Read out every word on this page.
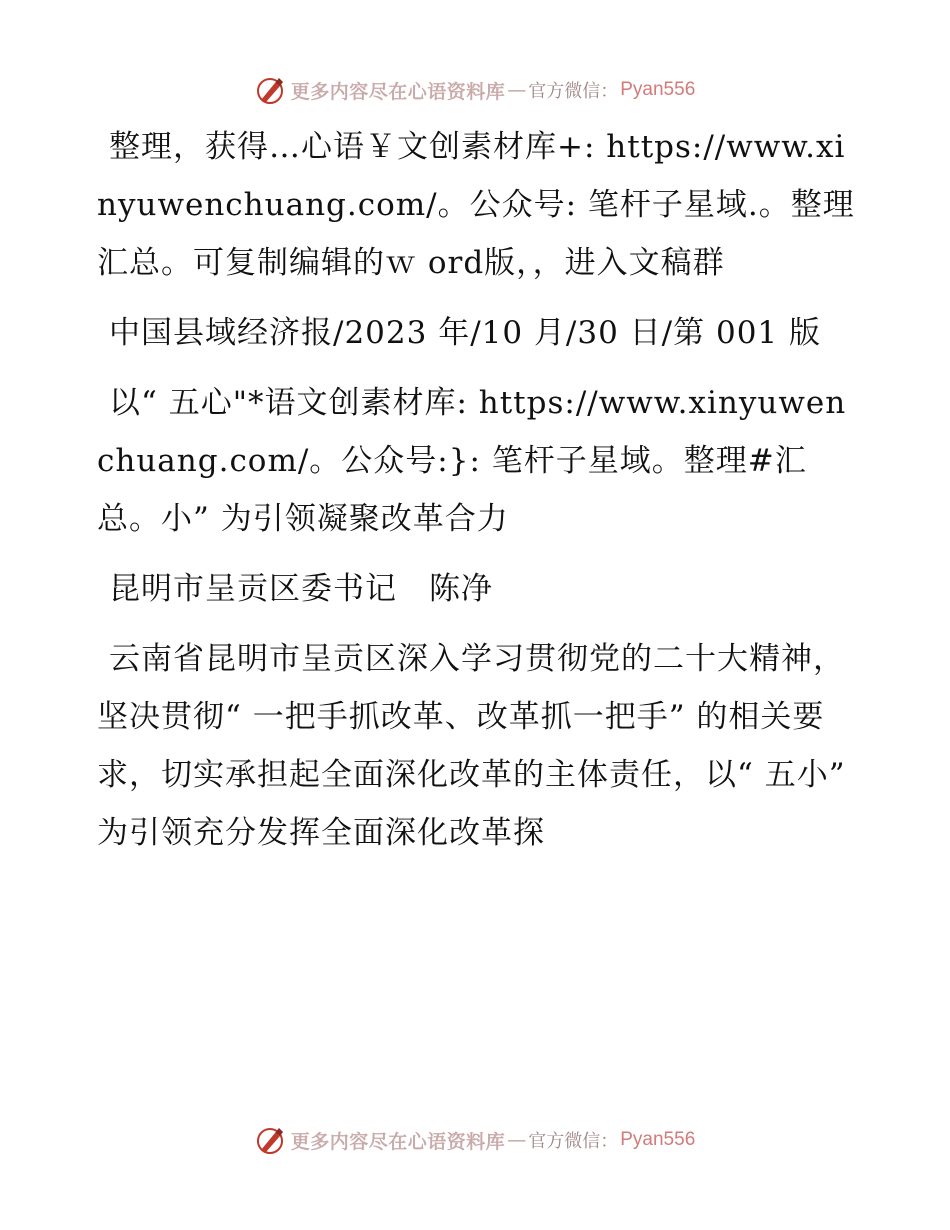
更多内容尽在心语资料库 — 官方微信： Pyan556

整理，获得…心语￥文创素材库+: https://www.xinyuwenchuang.com/。公众号: 笔杆子星域.。整理汇总。可复制编辑的ｗ ord版，，进入文稿群

中国县域经济报/2023 年/10 月/30 日/第 001 版

以“ 五心"*语文创素材库: https://www.xinyuwenchuang.com/。公众号:}: 笔杆子星域。整理#汇总。小” 为引领凝聚改革合力

昆明市呈贡区委书记　陈净

云南省昆明市呈贡区深入学习贯彻党的二十大精神，坚决贯彻“ 一把手抓改革、改革抓一把手” 的相关要求，切实承担起全面深化改革的主体责任，以“ 五小” 为引领充分发挥全面深化改革探

更多内容尽在心语资料库 — 官方微信： Pyan556
